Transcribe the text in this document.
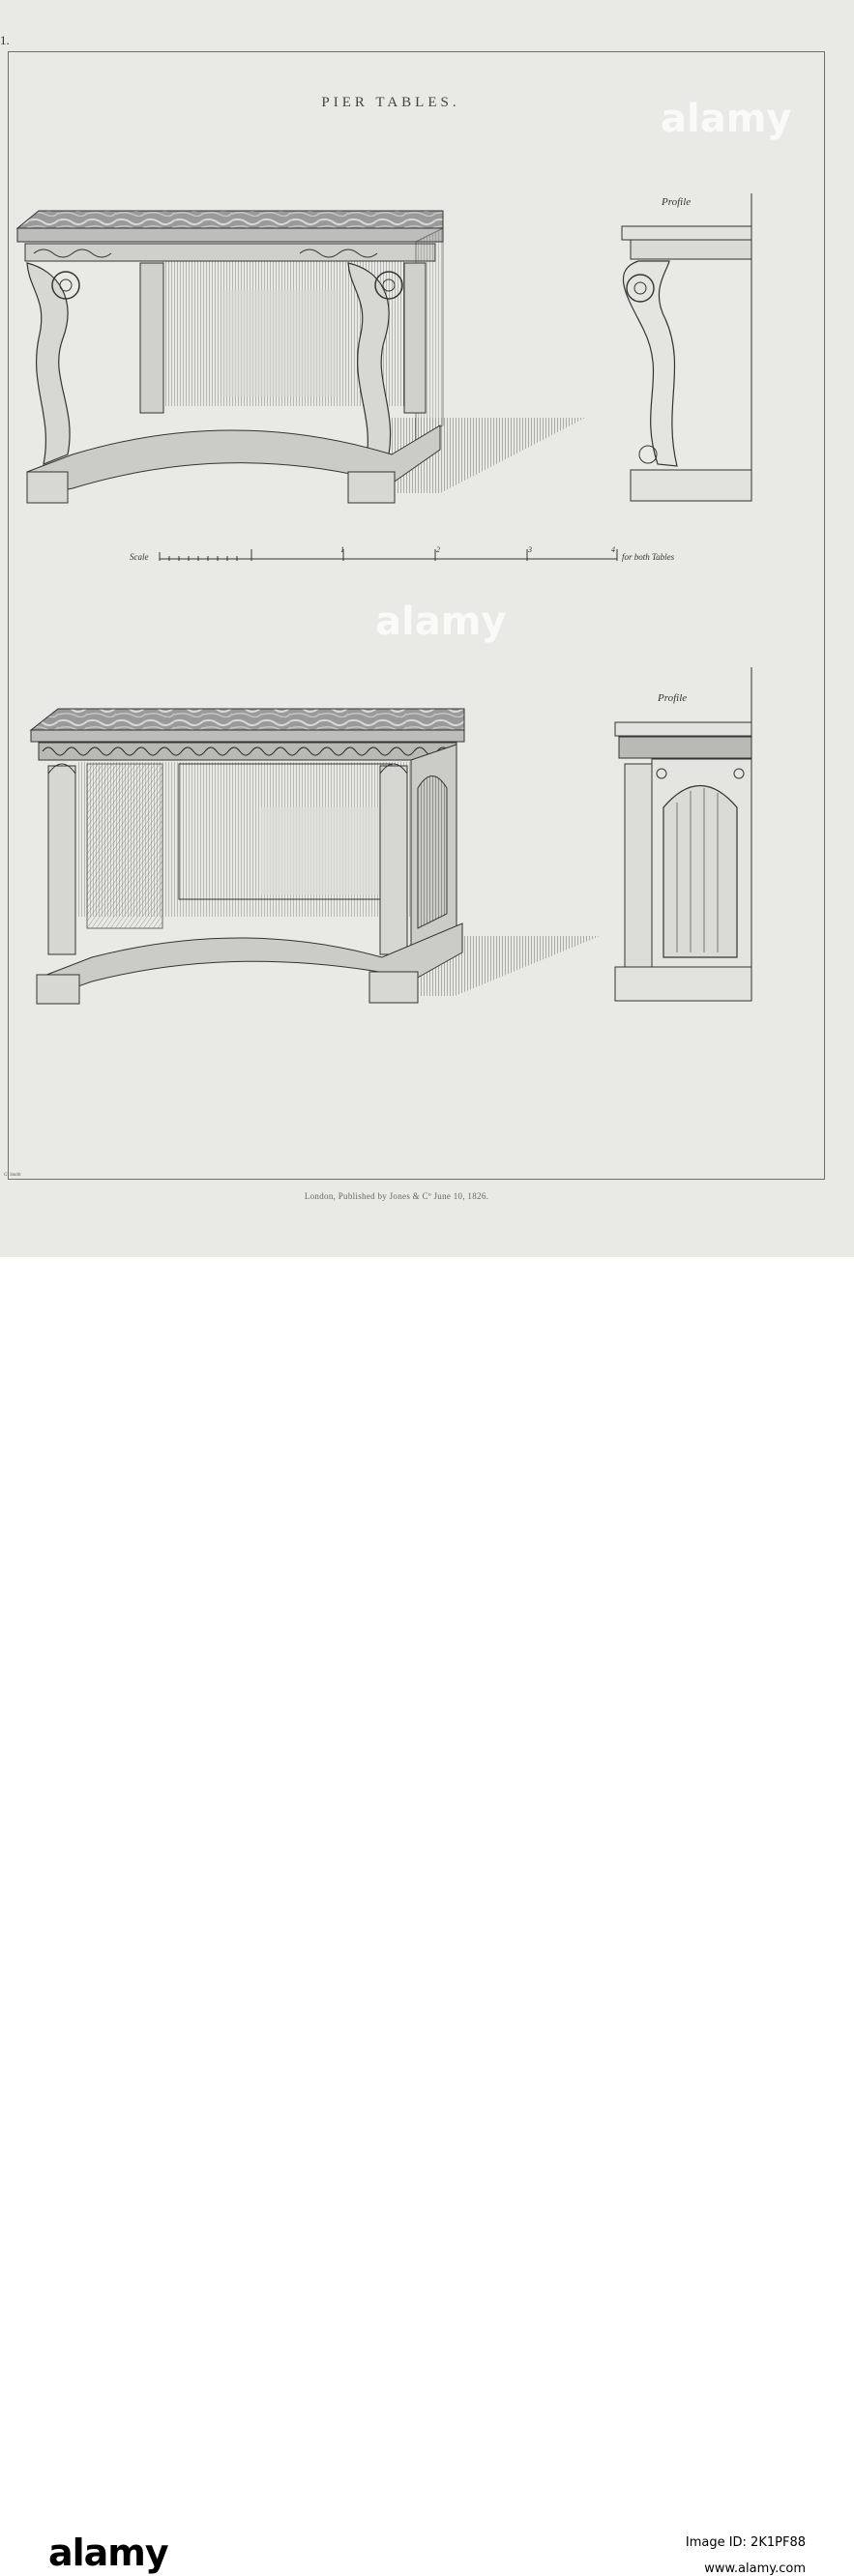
1.
PIER TABLES.
Profile
Profile
Scale
1	2	3	4
for both Tables
G. Smith
London, Published by Jones & Cº June 10, 1826.
alamy
alamy
alamy	Image ID: 2K1PF88
www.alamy.com
